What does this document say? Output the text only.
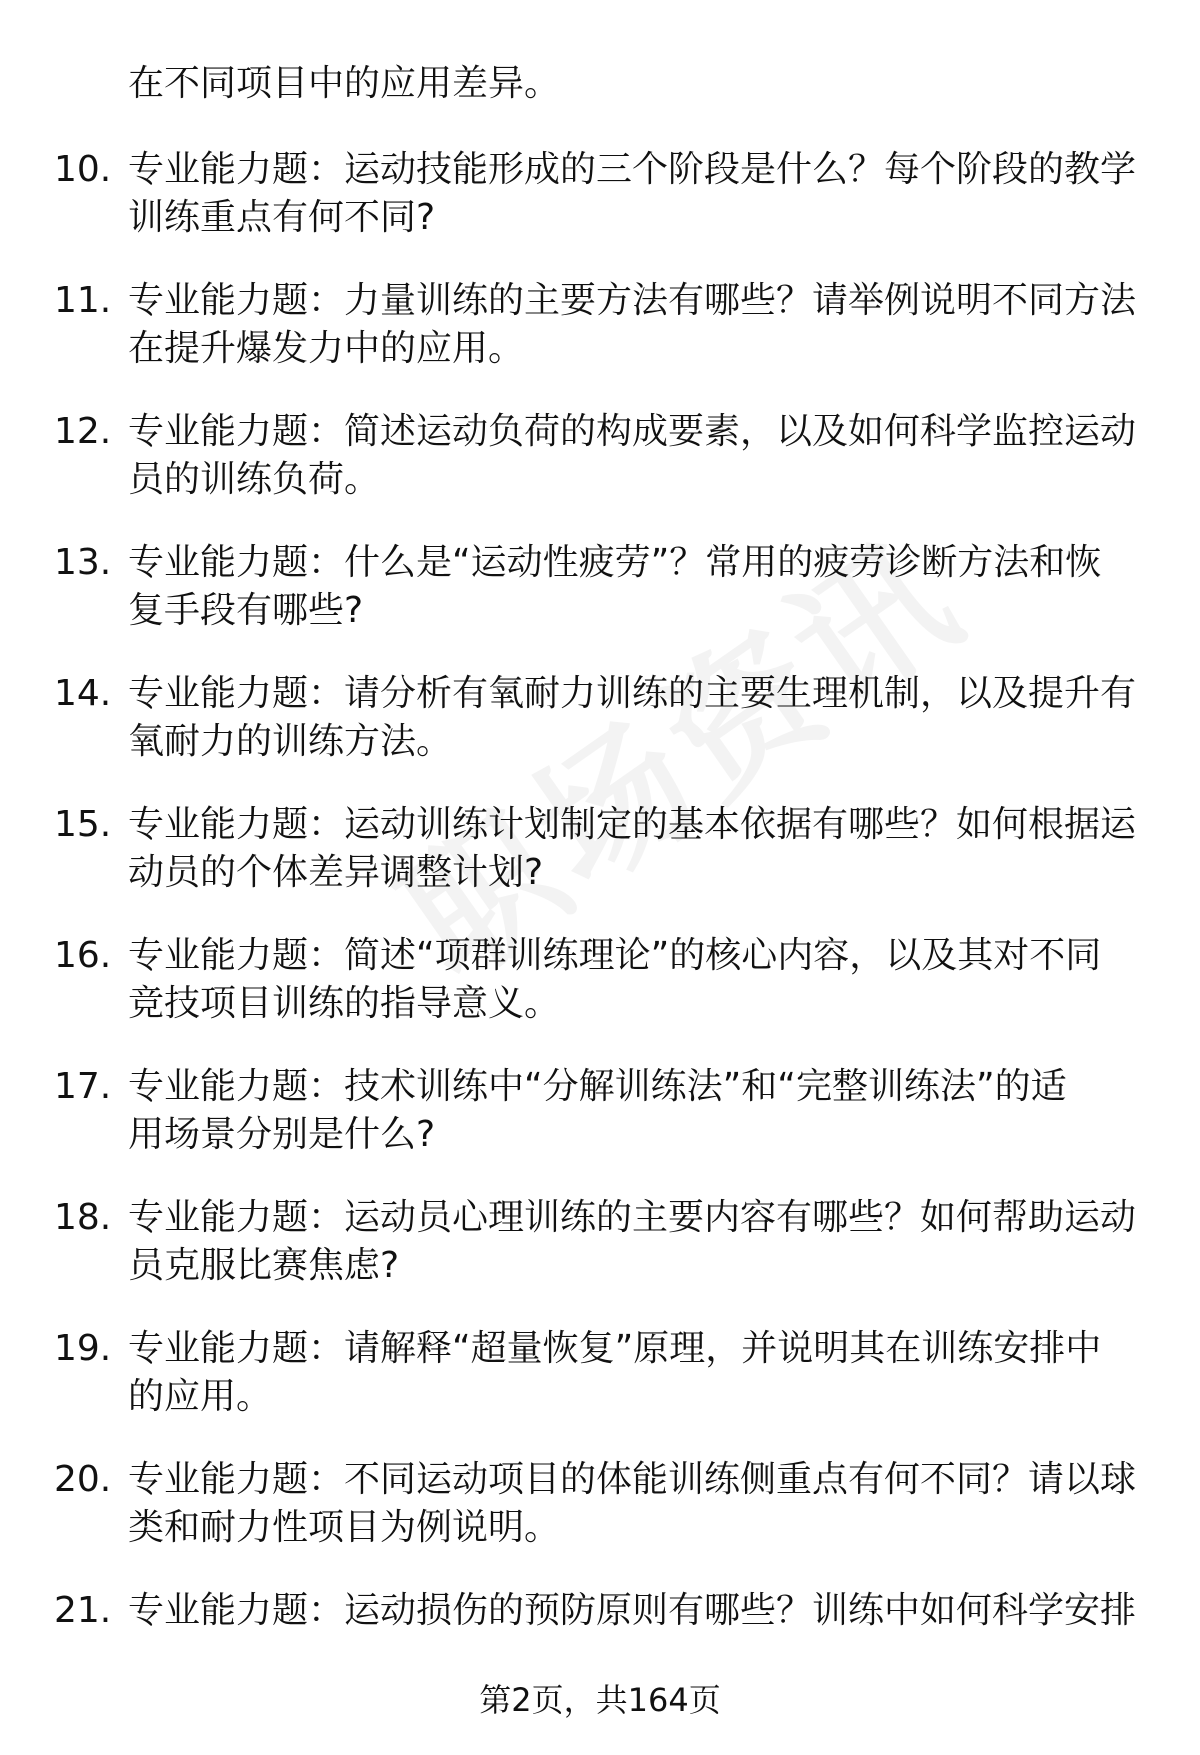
在不同项目中的应用差异。
10. 专业能力题：运动技能形成的三个阶段是什么？每个阶段的教学
训练重点有何不同?
11. 专业能力题：力量训练的主要方法有哪些？请举例说明不同方法
在提升爆发力中的应用。
12. 专业能力题：简述运动负荷的构成要素，以及如何科学监控运动
员的训练负荷。
13. 专业能力题：什么是“运动性疲劳”？常用的疲劳诊断方法和恢
复手段有哪些?
14. 专业能力题：请分析有氧耐力训练的主要生理机制，以及提升有
氧耐力的训练方法。
15. 专业能力题：运动训练计划制定的基本依据有哪些？如何根据运
动员的个体差异调整计划?
16. 专业能力题：简述“项群训练理论”的核心内容，以及其对不同
竞技项目训练的指导意义。
17. 专业能力题：技术训练中“分解训练法”和“完整训练法”的适
用场景分别是什么?
18. 专业能力题：运动员心理训练的主要内容有哪些？如何帮助运动
员克服比赛焦虑?
19. 专业能力题：请解释“超量恢复”原理，并说明其在训练安排中
的应用。
20. 专业能力题：不同运动项目的体能训练侧重点有何不同？请以球
类和耐力性项目为例说明。
21. 专业能力题：运动损伤的预防原则有哪些？训练中如何科学安排
第2页，共164页
